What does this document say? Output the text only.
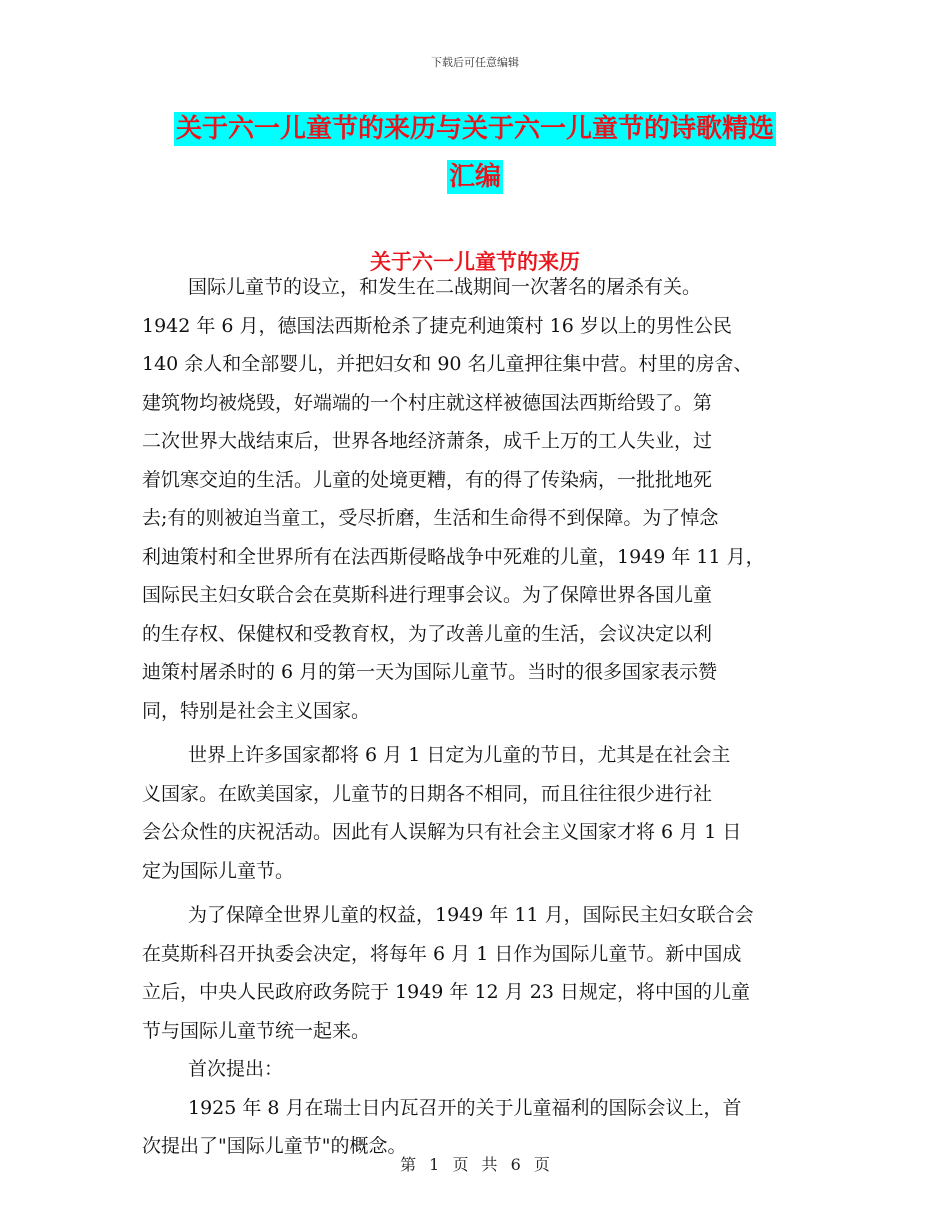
下载后可任意编辑
关于六一儿童节的来历与关于六一儿童节的诗歌精选
汇编
关于六一儿童节的来历
国际儿童节的设立，和发生在二战期间一次著名的屠杀有关。
1942 年 6 月，德国法西斯枪杀了捷克利迪策村 16 岁以上的男性公民
140 余人和全部婴儿，并把妇女和 90 名儿童押往集中营。村里的房舍、
建筑物均被烧毁，好端端的一个村庄就这样被德国法西斯给毁了。第
二次世界大战结束后，世界各地经济萧条，成千上万的工人失业，过
着饥寒交迫的生活。儿童的处境更糟，有的得了传染病，一批批地死
去;有的则被迫当童工，受尽折磨，生活和生命得不到保障。为了悼念
利迪策村和全世界所有在法西斯侵略战争中死难的儿童，1949 年 11 月，
国际民主妇女联合会在莫斯科进行理事会议。为了保障世界各国儿童
的生存权、保健权和受教育权，为了改善儿童的生活，会议决定以利
迪策村屠杀时的 6 月的第一天为国际儿童节。当时的很多国家表示赞
同，特别是社会主义国家。
世界上许多国家都将 6 月 1 日定为儿童的节日，尤其是在社会主
义国家。在欧美国家，儿童节的日期各不相同，而且往往很少进行社
会公众性的庆祝活动。因此有人误解为只有社会主义国家才将 6 月 1 日
定为国际儿童节。
为了保障全世界儿童的权益，1949 年 11 月，国际民主妇女联合会
在莫斯科召开执委会决定，将每年 6 月 1 日作为国际儿童节。新中国成
立后，中央人民政府政务院于 1949 年 12 月 23 日规定，将中国的儿童
节与国际儿童节统一起来。
首次提出：
1925 年 8 月在瑞士日内瓦召开的关于儿童福利的国际会议上，首
次提出了"国际儿童节"的概念。
第 1 页 共 6 页
